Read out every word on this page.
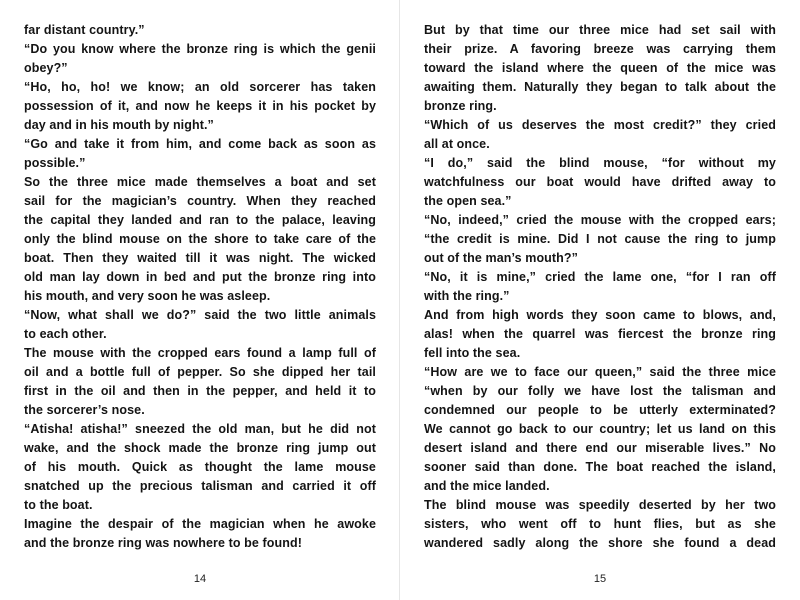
far distant country.”
“Do you know where the bronze ring is which the genii
obey?”
“Ho, ho, ho! we know; an old sorcerer has taken
possession of it, and now he keeps it in his pocket by
day and in his mouth by night.”
“Go and take it from him, and come back as soon as
possible.”
So the three mice made themselves a boat and set
sail for the magician’s country. When they reached
the capital they landed and ran to the palace, leaving
only the blind mouse on the shore to take care of the
boat. Then they waited till it was night. The wicked
old man lay down in bed and put the bronze ring into
his mouth, and very soon he was asleep.
“Now, what shall we do?” said the two little animals
to each other.
The mouse with the cropped ears found a lamp full of
oil and a bottle full of pepper. So she dipped her tail
first in the oil and then in the pepper, and held it to
the sorcerer’s nose.
“Atisha! atisha!” sneezed the old man, but he did not
wake, and the shock made the bronze ring jump out
of his mouth. Quick as thought the lame mouse
snatched up the precious talisman and carried it off
to the boat.
Imagine the despair of the magician when he awoke
and the bronze ring was nowhere to be found!
14
But by that time our three mice had set sail with
their prize. A favoring breeze was carrying them
toward the island where the queen of the mice was
awaiting them. Naturally they began to talk about the
bronze ring.
“Which of us deserves the most credit?” they cried
all at once.
“I do,” said the blind mouse, “for without my
watchfulness our boat would have drifted away to
the open sea.”
“No, indeed,” cried the mouse with the cropped ears;
“the credit is mine. Did I not cause the ring to jump
out of the man’s mouth?”
“No, it is mine,” cried the lame one, “for I ran off
with the ring.”
And from high words they soon came to blows, and,
alas! when the quarrel was fiercest the bronze ring
fell into the sea.
“How are we to face our queen,” said the three mice
“when by our folly we have lost the talisman and
condemned our people to be utterly exterminated?
We cannot go back to our country; let us land on this
desert island and there end our miserable lives.” No
sooner said than done. The boat reached the island,
and the mice landed.
The blind mouse was speedily deserted by her two
sisters, who went off to hunt flies, but as she
wandered sadly along the shore she found a dead
15
